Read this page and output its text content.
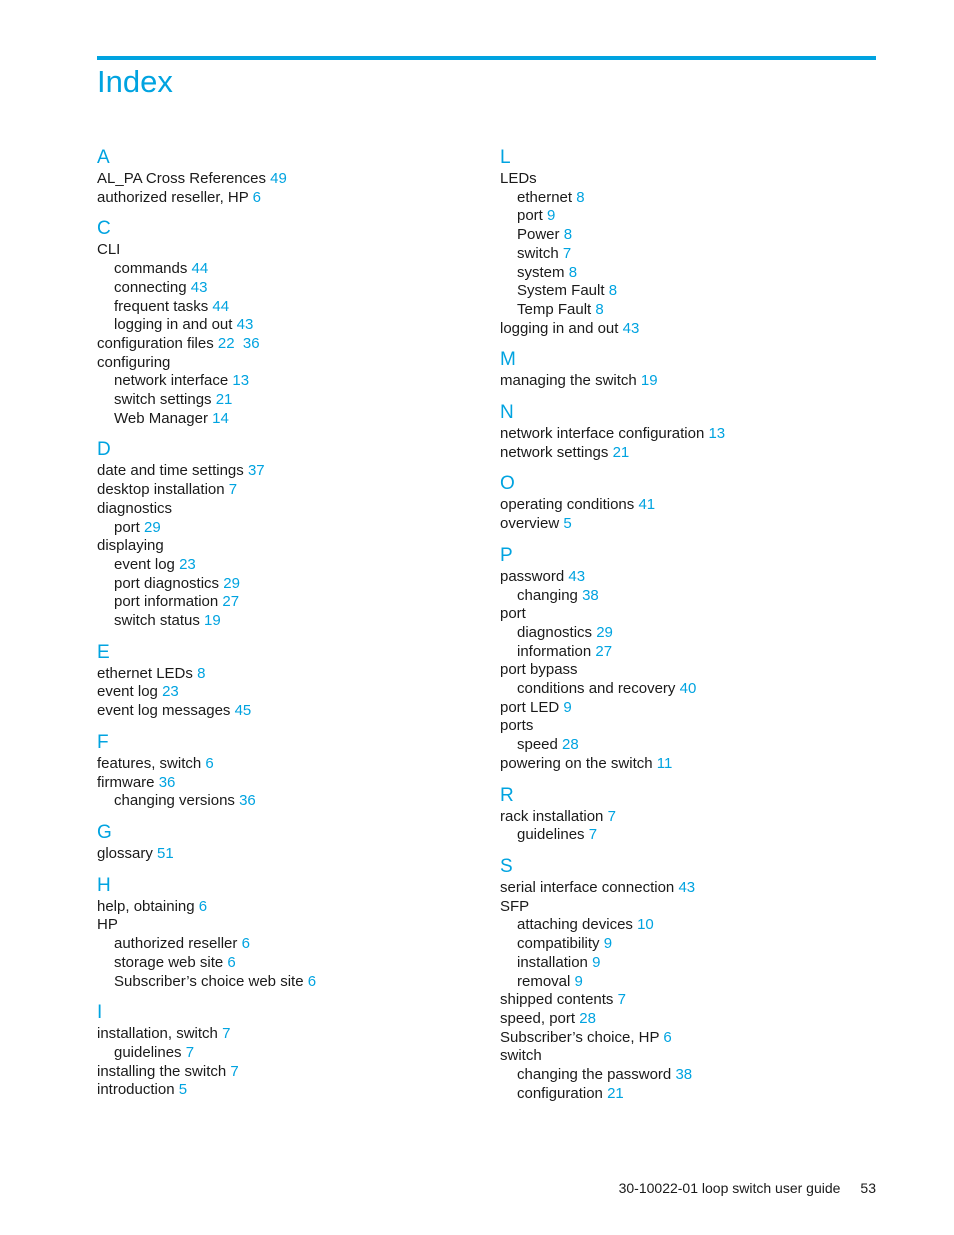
Index
A
AL_PA Cross References 49
authorized reseller, HP 6
C
CLI
commands 44
connecting 43
frequent tasks 44
logging in and out 43
configuration files 22  36
configuring
network interface 13
switch settings 21
Web Manager 14
D
date and time settings 37
desktop installation 7
diagnostics
port 29
displaying
event log 23
port diagnostics 29
port information 27
switch status 19
E
ethernet LEDs 8
event log 23
event log messages 45
F
features, switch 6
firmware 36
changing versions 36
G
glossary 51
H
help, obtaining 6
HP
authorized reseller 6
storage web site 6
Subscriber’s choice web site 6
I
installation, switch 7
guidelines 7
installing the switch 7
introduction 5
L
LEDs
ethernet 8
port 9
Power 8
switch 7
system 8
System Fault 8
Temp Fault 8
logging in and out 43
M
managing the switch 19
N
network interface configuration 13
network settings 21
O
operating conditions 41
overview 5
P
password 43
changing 38
port
diagnostics 29
information 27
port bypass
conditions and recovery 40
port LED 9
ports
speed 28
powering on the switch 11
R
rack installation 7
guidelines 7
S
serial interface connection 43
SFP
attaching devices 10
compatibility 9
installation 9
removal 9
shipped contents 7
speed, port 28
Subscriber’s choice, HP 6
switch
changing the password 38
configuration 21
30-10022-01 loop switch user guide 53
